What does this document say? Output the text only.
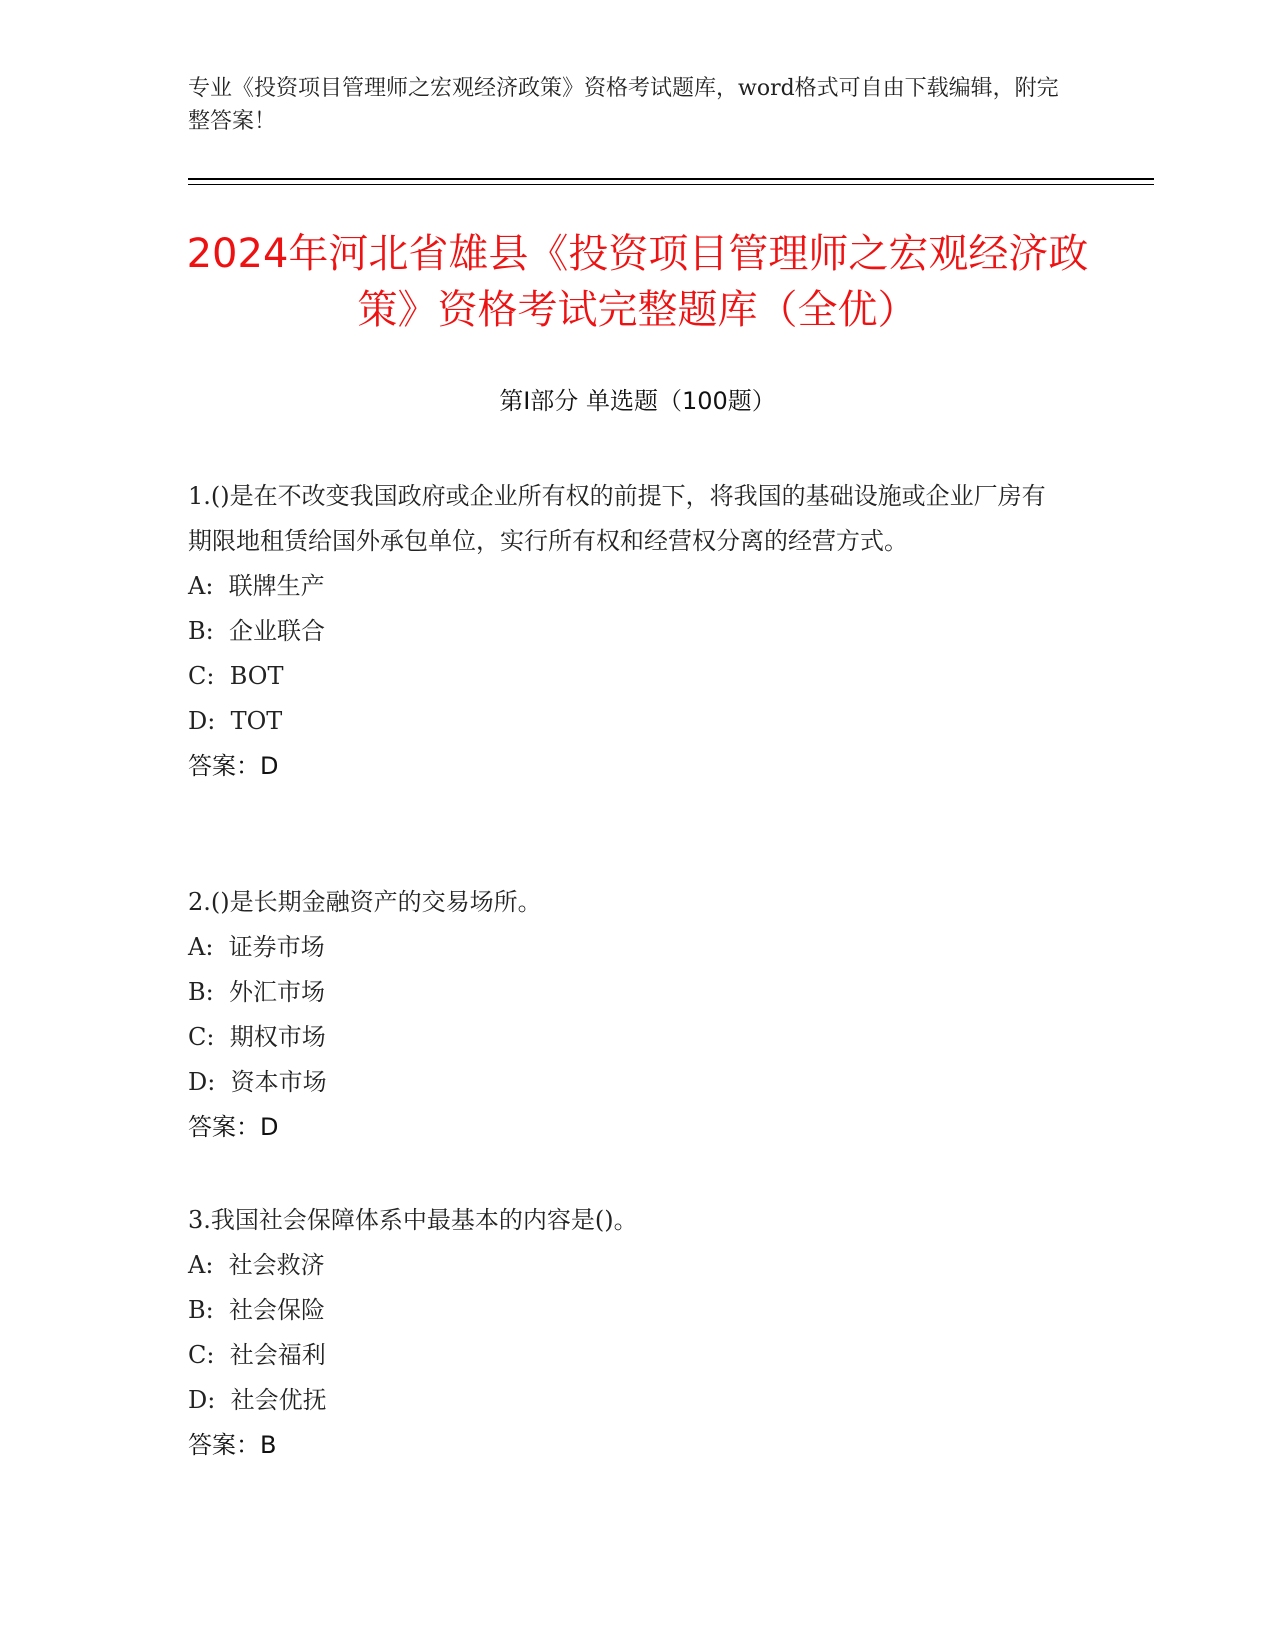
专业《投资项目管理师之宏观经济政策》资格考试题库，word格式可自由下载编辑，附完整答案！
2024年河北省雄县《投资项目管理师之宏观经济政策》资格考试完整题库（全优）
第I部分 单选题（100题）

1.()是在不改变我国政府或企业所有权的前提下，将我国的基础设施或企业厂房有期限地租赁给国外承包单位，实行所有权和经营权分离的经营方式。

A:  联牌生产

B:  企业联合

C:  BOT

D:  TOT

答案：D

2.()是长期金融资产的交易场所。

A:  证券市场

B:  外汇市场

C:  期权市场

D:  资本市场

答案：D

3.我国社会保障体系中最基本的内容是()。

A:  社会救济

B:  社会保险

C:  社会福利

D:  社会优抚

答案：B
